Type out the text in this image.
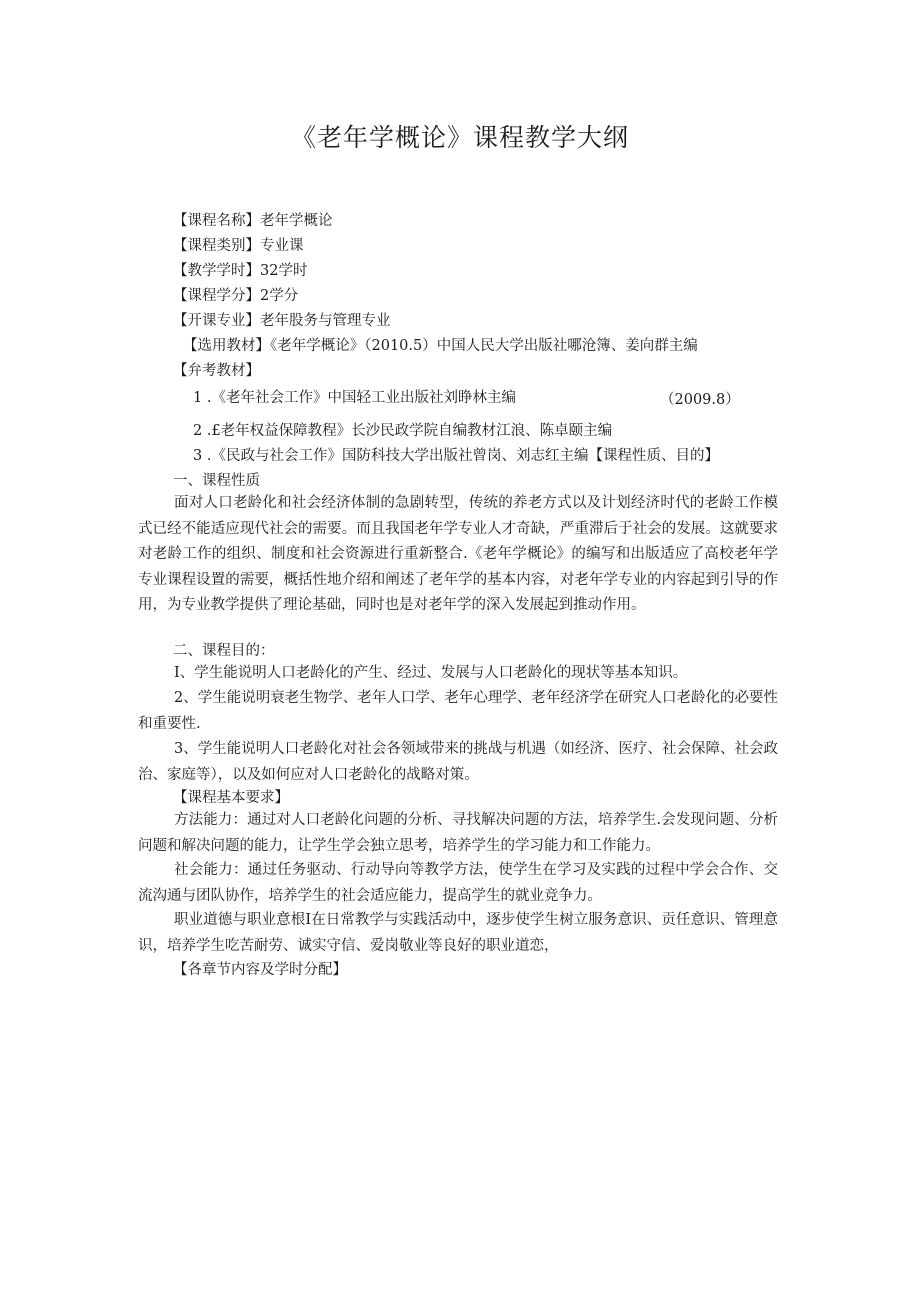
《老年学概论》课程教学大纲
【课程名称】老年学概论
【课程类别】专业课
【教学学时】32学时
【课程学分】2学分
【开课专业】老年股务与管理专业
【选用教材】《老年学概论》（2010.5）中国人民大学出版社哪沧簿、姜向群主编
【弁考教材】
1 .《老年社会工作》中国轻工业出版社刘睁林主编	（2009.8）
2 .£老年权益保障教程》长沙民政学院自编教材江浪、陈卓颐主编
3 .《民政与社会工作》国防科技大学出版社曾岗、刘志红主编【课程性质、目的】
一、课程性质

面对人口老龄化和社会经济体制的急剧转型，传统的养老方式以及计划经济时代的老龄工作模式已经不能适应现代社会的需要。而且我国老年学专业人才奇缺，严重滞后于社会的发展。这就要求对老龄工作的组织、制度和社会资源进行重新整合.《老年学概论》的编写和出版适应了高校老年学专业课程设置的需要，概括性地介绍和阐述了老年学的基本内容，对老年学专业的内容起到引导的作用，为专业教学提供了理论基础，同时也是对老年学的深入发展起到推动作用。

二、课程目的：

I、学生能说明人口老龄化的产生、经过、发展与人口老龄化的现状等基本知识。

2、学生能说明衰老生物学、老年人口学、老年心理学、老年经济学在研究人口老龄化的必要性和重要性.

3、学生能说明人口老龄化对社会各领域带来的挑战与机遇（如经济、医疗、社会保障、社会政治、家庭等），以及如何应对人口老龄化的战略对策。

【课程基本要求】

方法能力：通过对人口老龄化问题的分析、寻找解决问题的方法，培养学生.会发现问题、分析问题和解决问题的能力，让学生学会独立思考，培养学生的学习能力和工作能力。

社会能力：通过任务驱动、行动导向等教学方法，使学生在学习及实践的过程中学会合作、交流沟通与团队协作，培养学生的社会适应能力，提高学生的就业竞争力。

职业道德与职业意根I在日常教学与实践活动中，逐步使学生树立服务意识、贡任意识、管理意识，培养学生吃苦耐劳、诚实守信、爱岗敬业等良好的职业道恋，

【各章节内容及学时分配】
